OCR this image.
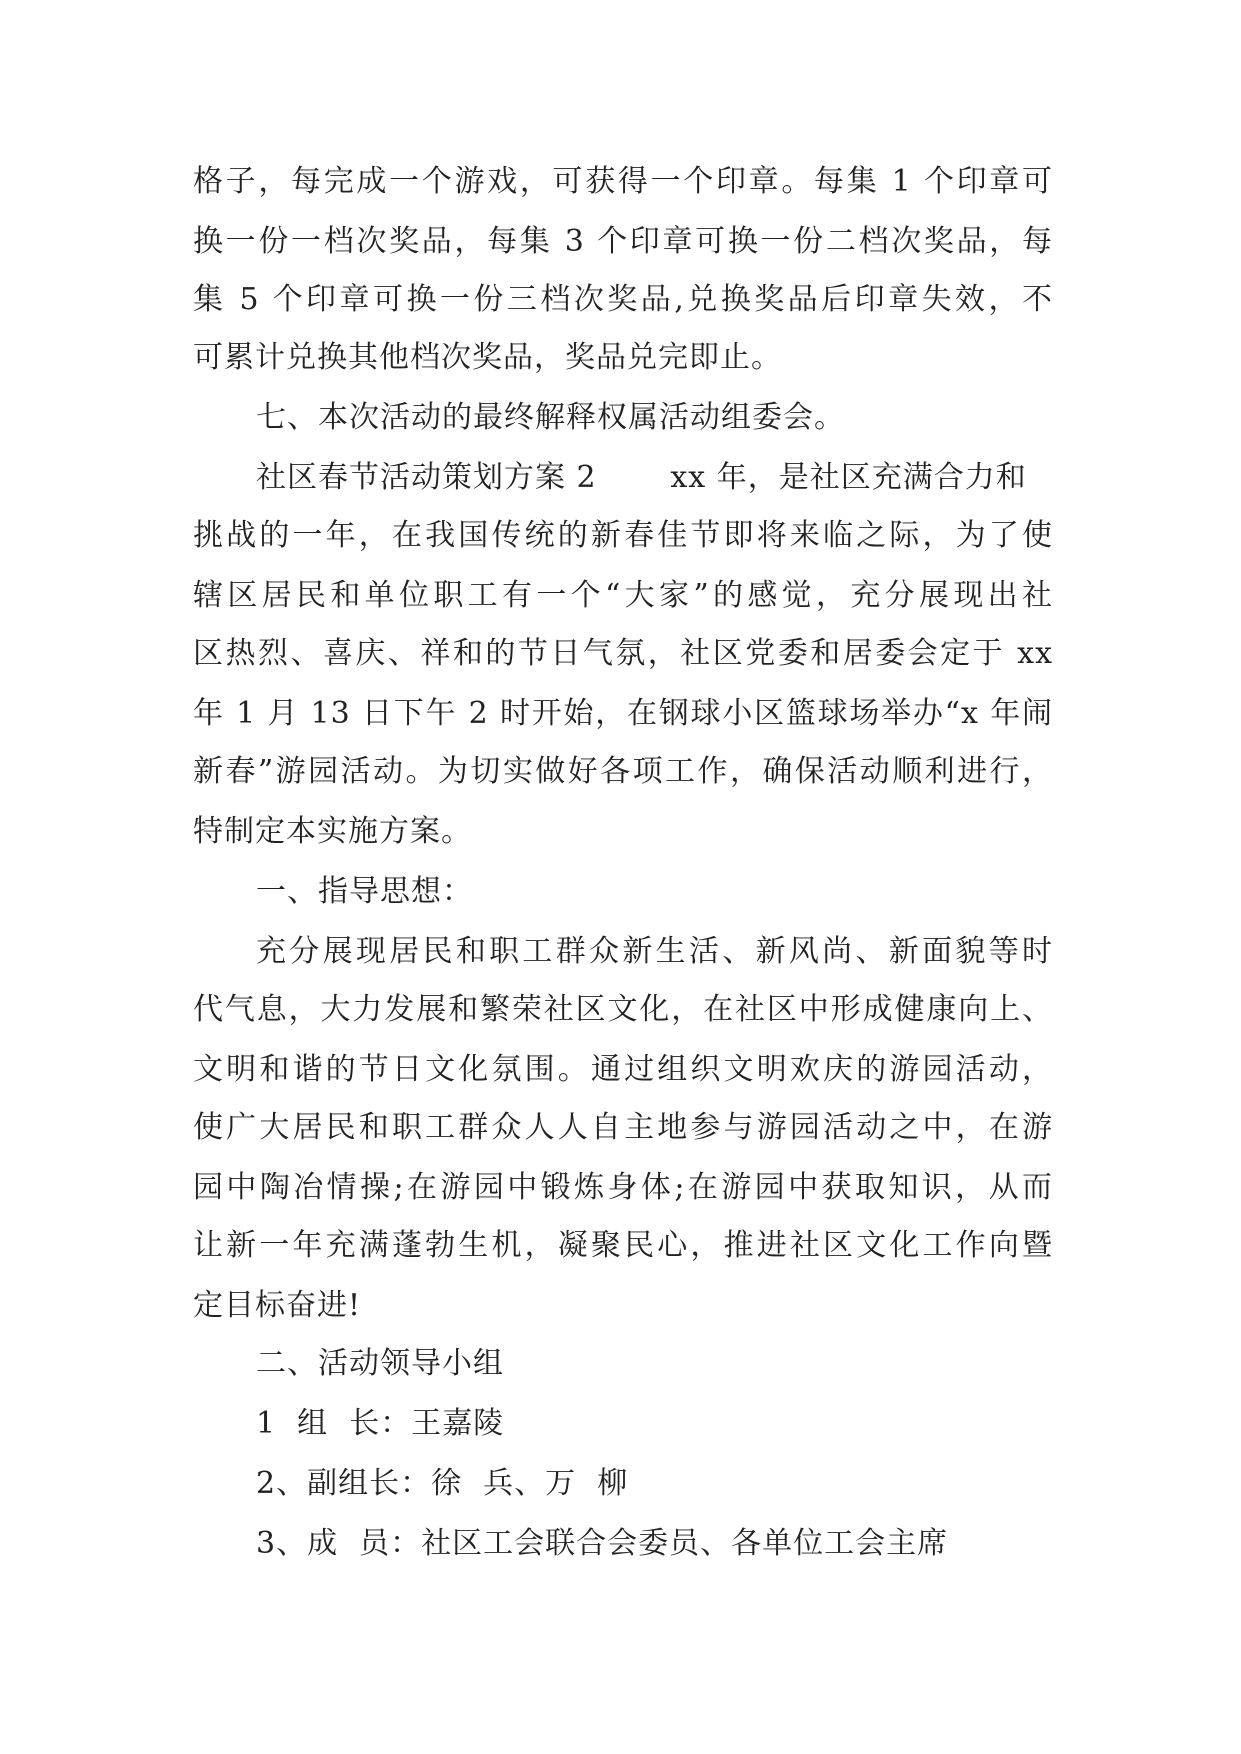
格子，每完成一个游戏，可获得一个印章。每集 1 个印章可
换一份一档次奖品，每集 3 个印章可换一份二档次奖品，每
集 5 个印章可换一份三档次奖品,兑换奖品后印章失效，不
可累计兑换其他档次奖品，奖品兑完即止。
七、本次活动的最终解释权属活动组委会。
社区春节活动策划方案 2       xx 年，是社区充满合力和
挑战的一年，在我国传统的新春佳节即将来临之际，为了使
辖区居民和单位职工有一个“大家”的感觉，充分展现出社
区热烈、喜庆、祥和的节日气氛，社区党委和居委会定于 xx
年 1 月 13 日下午 2 时开始，在钢球小区篮球场举办“x 年闹
新春”游园活动。为切实做好各项工作，确保活动顺利进行，
特制定本实施方案。
一、指导思想：
充分展现居民和职工群众新生活、新风尚、新面貌等时
代气息，大力发展和繁荣社区文化，在社区中形成健康向上、
文明和谐的节日文化氛围。通过组织文明欢庆的游园活动，
使广大居民和职工群众人人自主地参与游园活动之中，在游
园中陶冶情操;在游园中锻炼身体;在游园中获取知识，从而
让新一年充满蓬勃生机，凝聚民心，推进社区文化工作向暨
定目标奋进!
二、活动领导小组
1  组  长：王嘉陵
2、副组长：徐  兵、万  柳
3、成  员：社区工会联合会委员、各单位工会主席
